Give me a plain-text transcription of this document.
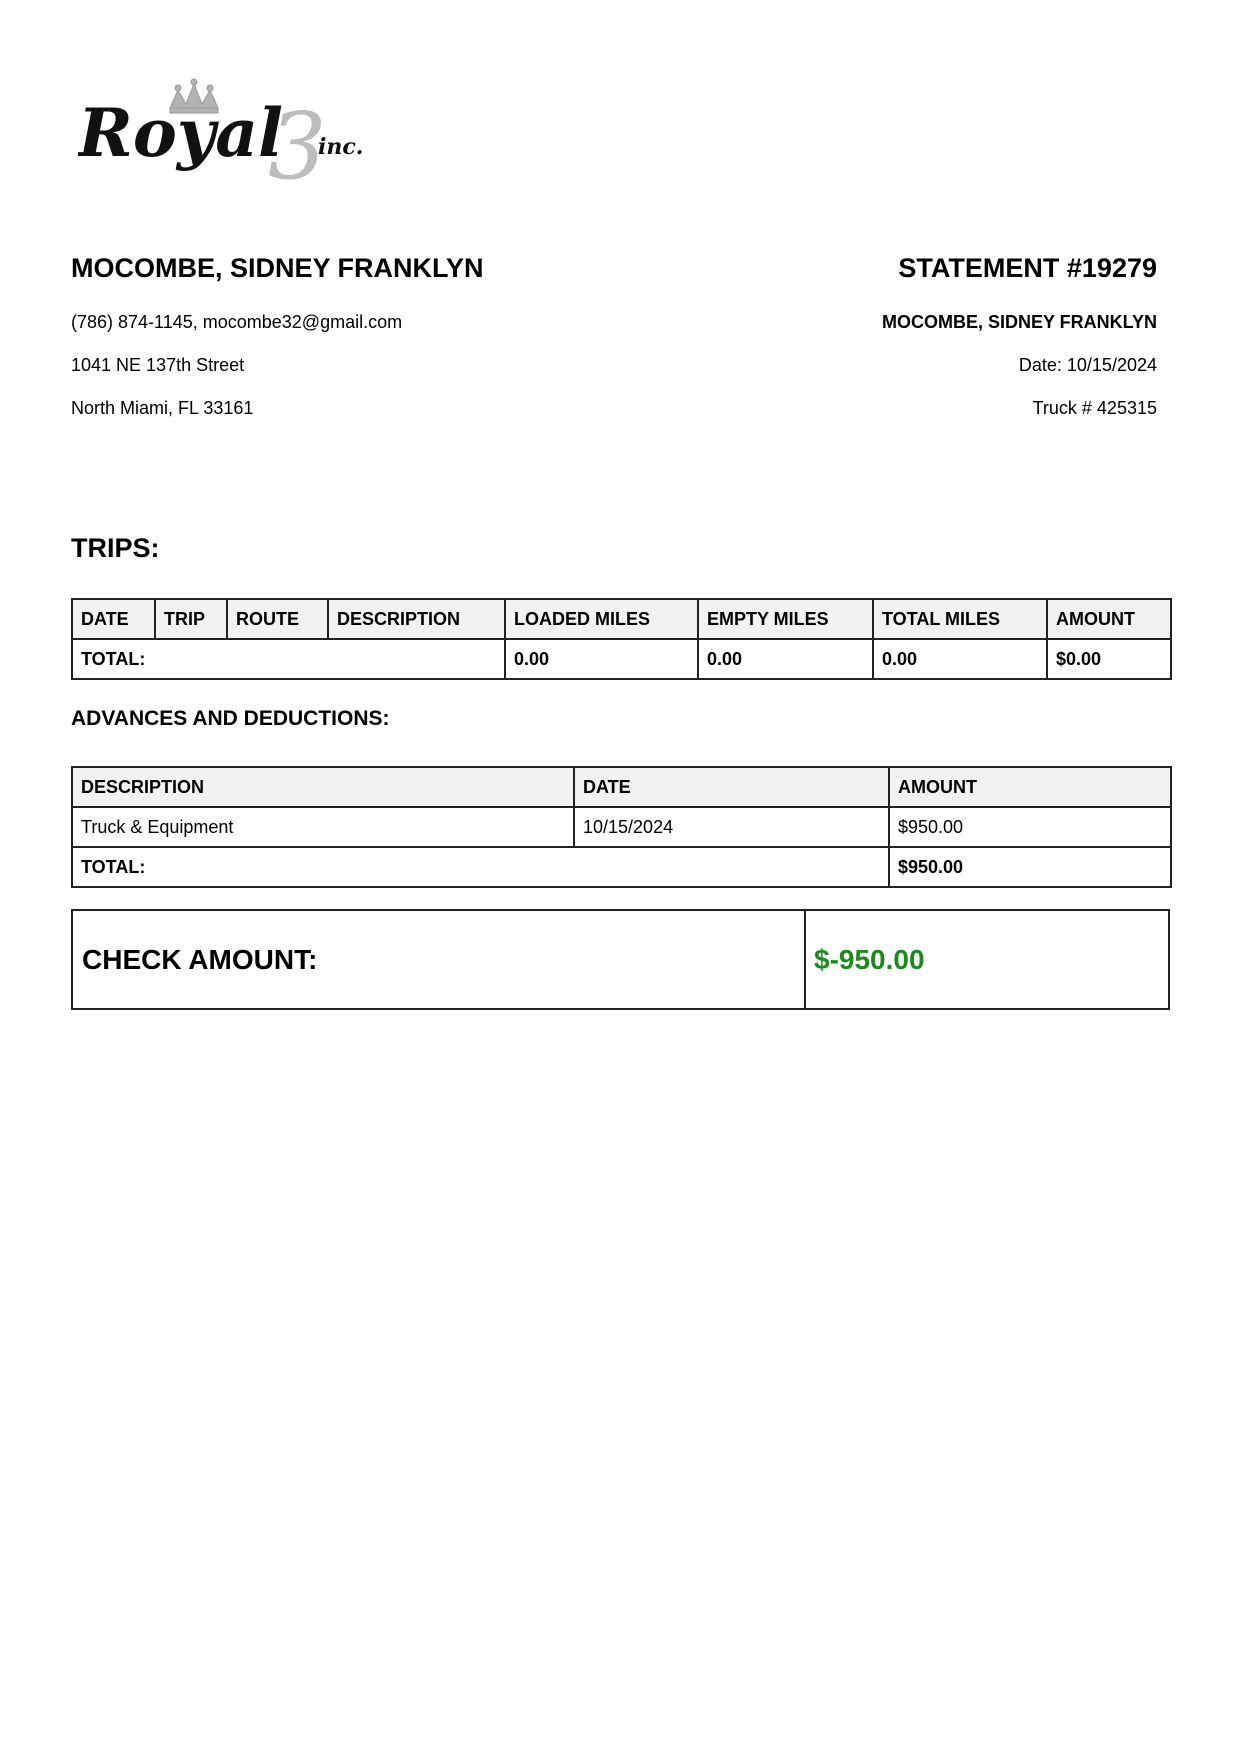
3
Royal inc.
MOCOMBE, SIDNEY FRANKLYN
(786) 874-1145, mocombe32@gmail.com
1041 NE 137th Street
North Miami, FL 33161
STATEMENT #19279
MOCOMBE, SIDNEY FRANKLYN
Date: 10/15/2024
Truck # 425315
TRIPS:
DATE	TRIP	ROUTE	DESCRIPTION	LOADED MILES	EMPTY MILES	TOTAL MILES	AMOUNT
TOTAL:				0.00	0.00	0.00	$0.00
ADVANCES AND DEDUCTIONS:
DESCRIPTION	DATE	AMOUNT
Truck & Equipment	10/15/2024	$950.00
TOTAL:		$950.00
CHECK AMOUNT:	$-950.00
